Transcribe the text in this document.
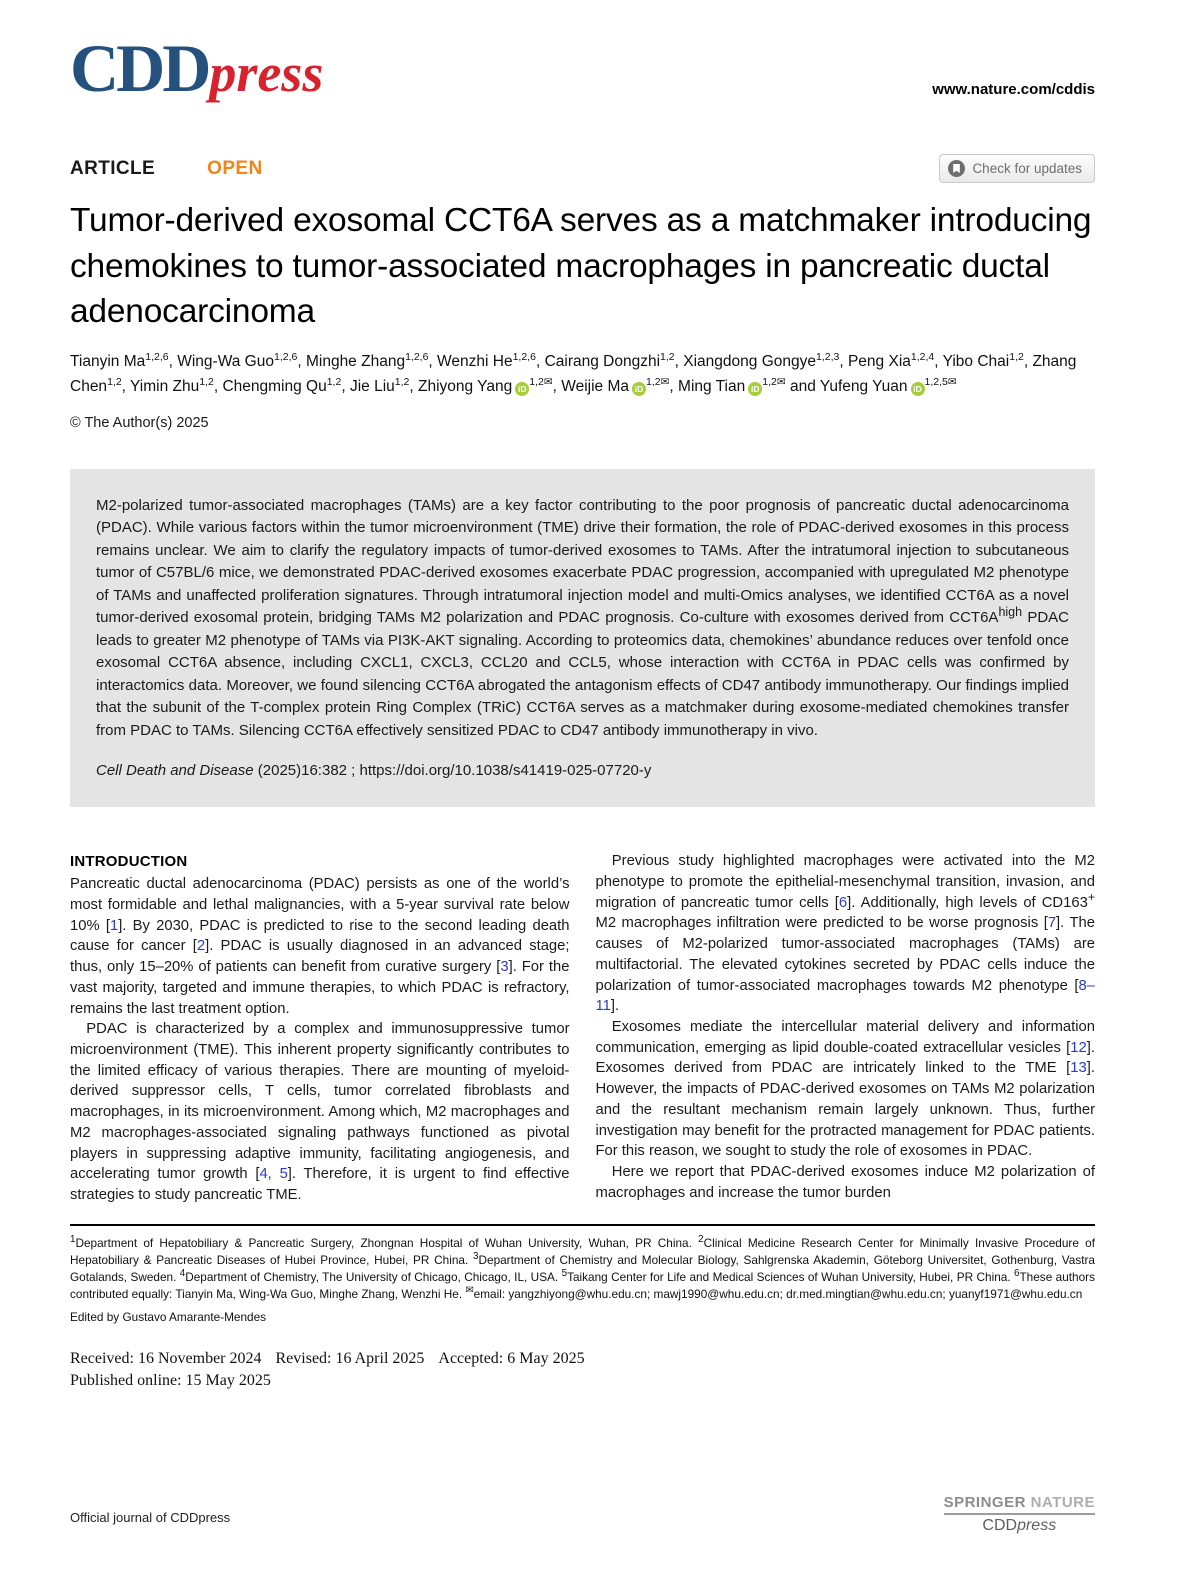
CDDpress	www.nature.com/cddis
ARTICLE	OPEN	Check for updates
Tumor-derived exosomal CCT6A serves as a matchmaker introducing chemokines to tumor-associated macrophages in pancreatic ductal adenocarcinoma

Tianyin Ma$^{1,2,6}$, Wing-Wa Guo$^{1,2,6}$, Minghe Zhang$^{1,2,6}$, Wenzhi He$^{1,2,6}$, Cairang Dongzhi$^{1,2}$, Xiangdong Gongye$^{1,2,3}$, Peng Xia$^{1,2,4}$, Yibo Chai$^{1,2}$, Zhang Chen$^{1,2}$, Yimin Zhu$^{1,2}$, Chengming Qu$^{1,2}$, Jie Liu$^{1,2}$, Zhiyong Yang $iD^{1,2✉}$, Weijie Ma $iD^{1,2✉}$, Ming Tian $iD^{1,2✉}$ and Yufeng Yuan $iD^{1,2,5✉}$

© The Author(s) 2025

M2-polarized tumor-associated macrophages (TAMs) are a key factor contributing to the poor prognosis of pancreatic ductal adenocarcinoma (PDAC). While various factors within the tumor microenvironment (TME) drive their formation, the role of PDAC-derived exosomes in this process remains unclear. We aim to clarify the regulatory impacts of tumor-derived exosomes to TAMs. After the intratumoral injection to subcutaneous tumor of C57BL/6 mice, we demonstrated PDAC-derived exosomes exacerbate PDAC progression, accompanied with upregulated M2 phenotype of TAMs and unaffected proliferation signatures. Through intratumoral injection model and multi-Omics analyses, we identified CCT6A as a novel tumor-derived exosomal protein, bridging TAMs M2 polarization and PDAC prognosis. Co-culture with exosomes derived from $CCT6A^{high}$ PDAC leads to greater M2 phenotype of TAMs via PI3K-AKT signaling. According to proteomics data, chemokines’ abundance reduces over tenfold once exosomal CCT6A absence, including CXCL1, CXCL3, CCL20 and CCL5, whose interaction with CCT6A in PDAC cells was confirmed by interactomics data. Moreover, we found silencing CCT6A abrogated the antagonism effects of CD47 antibody immunotherapy. Our findings implied that the subunit of the T-complex protein Ring Complex (TRiC) CCT6A serves as a matchmaker during exosome-mediated chemokines transfer from PDAC to TAMs. Silencing CCT6A effectively sensitized PDAC to CD47 antibody immunotherapy in vivo.

Cell Death and Disease (2025)16:382 ; https://doi.org/10.1038/s41419-025-07720-y

INTRODUCTION

Pancreatic ductal adenocarcinoma (PDAC) persists as one of the world’s most formidable and lethal malignancies, with a 5-year survival rate below 10% [1]. By 2030, PDAC is predicted to rise to the second leading death cause for cancer [2]. PDAC is usually diagnosed in an advanced stage; thus, only 15–20% of patients can benefit from curative surgery [3]. For the vast majority, targeted and immune therapies, to which PDAC is refractory, remains the last treatment option.

PDAC is characterized by a complex and immunosuppressive tumor microenvironment (TME). This inherent property significantly contributes to the limited efficacy of various therapies. There are mounting of myeloid-derived suppressor cells, T cells, tumor correlated fibroblasts and macrophages, in its microenvironment. Among which, M2 macrophages and M2 macrophages-associated signaling pathways functioned as pivotal players in suppressing adaptive immunity, facilitating angiogenesis, and accelerating tumor growth [4, 5]. Therefore, it is urgent to find effective strategies to study pancreatic TME.

Previous study highlighted macrophages were activated into the M2 phenotype to promote the epithelial-mesenchymal transition, invasion, and migration of pancreatic tumor cells [6]. Additionally, high levels of CD163+ M2 macrophages infiltration were predicted to be worse prognosis [7]. The causes of M2-polarized tumor-associated macrophages (TAMs) are multifactorial. The elevated cytokines secreted by PDAC cells induce the polarization of tumor-associated macrophages towards M2 phenotype [8–11].

Exosomes mediate the intercellular material delivery and information communication, emerging as lipid double-coated extracellular vesicles [12]. Exosomes derived from PDAC are intricately linked to the TME [13]. However, the impacts of PDAC-derived exosomes on TAMs M2 polarization and the resultant mechanism remain largely unknown. Thus, further investigation may benefit for the protracted management for PDAC patients. For this reason, we sought to study the role of exosomes in PDAC.

Here we report that PDAC-derived exosomes induce M2 polarization of macrophages and increase the tumor burden

$^1$Department of Hepatobiliary & Pancreatic Surgery, Zhongnan Hospital of Wuhan University, Wuhan, PR China. $^2$Clinical Medicine Research Center for Minimally Invasive Procedure of Hepatobiliary & Pancreatic Diseases of Hubei Province, Hubei, PR China. $^3$Department of Chemistry and Molecular Biology, Sahlgrenska Akademin, Göteborg Universitet, Gothenburg, Vastra Gotalands, Sweden. $^4$Department of Chemistry, The University of Chicago, Chicago, IL, USA. $^5$Taikang Center for Life and Medical Sciences of Wuhan University, Hubei, PR China. $^6$These authors contributed equally: Tianyin Ma, Wing-Wa Guo, Minghe Zhang, Wenzhi He. ✉email: yangzhiyong@whu.edu.cn; mawj1990@whu.edu.cn; dr.med.mingtian@whu.edu.cn; yuanyf1971@whu.edu.cn

Edited by Gustavo Amarante-Mendes

Received: 16 November 2024 Revised: 16 April 2025 Accepted: 6 May 2025

Published online: 15 May 2025

Official journal of CDDpress
SPRINGER NATURE
CDDpress
